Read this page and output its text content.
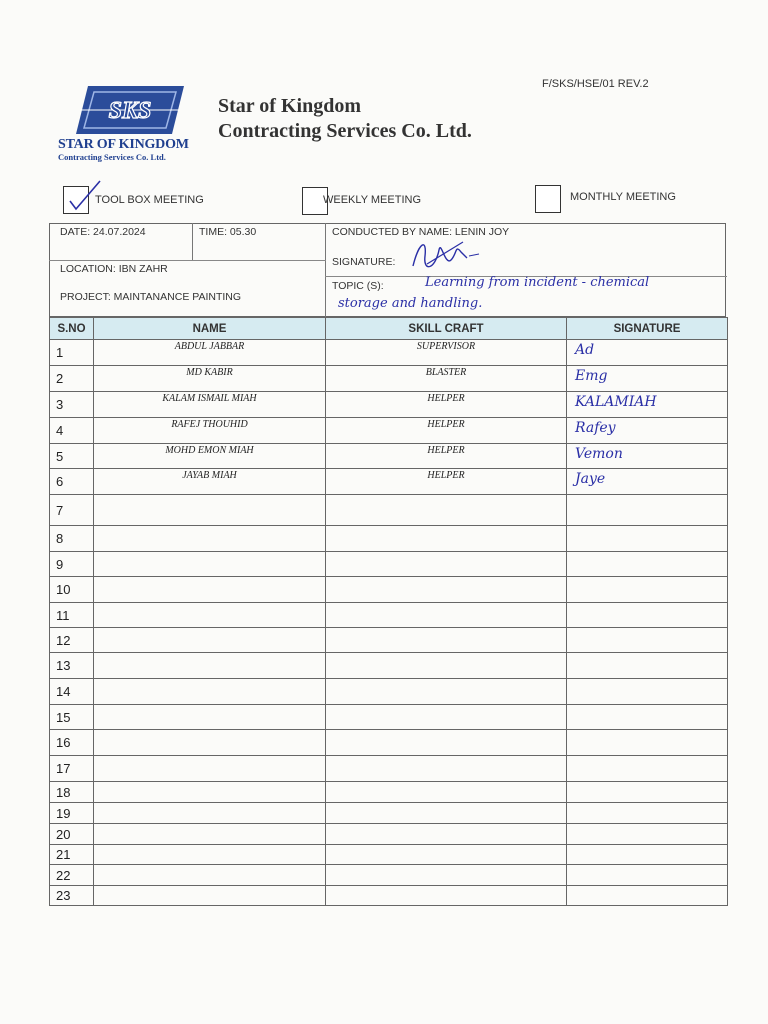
SKS
STAR OF KINGDOM
Contracting Services Co. Ltd.
Star of Kingdom
Contracting Services Co. Ltd.
F/SKS/HSE/01 REV.2
TOOL BOX MEETING	WEEKLY MEETING	MONTHLY MEETING
DATE: 24.07.2024	TIME: 05.30	CONDUCTED BY NAME: LENIN JOY
LOCATION: IBN ZAHR
SIGNATURE:
TOPIC (S):	Learning from incident - chemical
storage and handling.
PROJECT: MAINTANANCE PAINTING
S.NO	NAME	SKILL CRAFT	SIGNATURE
1	ABDUL JABBAR	SUPERVISOR	Ad

2	MD KABIR	BLASTER	Emg

3	KALAM ISMAIL MIAH	HELPER	KALAMIAH

4	RAFEJ THOUHID	HELPER	Rafey

5	MOHD EMON MIAH	HELPER	Vemon

6	JAYAB MIAH	HELPER	Jaye

7			

8			

9			

10			

11			

12			

13			

14			

15			

16			

17			

18			

19			

20			

21			

22			

23			
